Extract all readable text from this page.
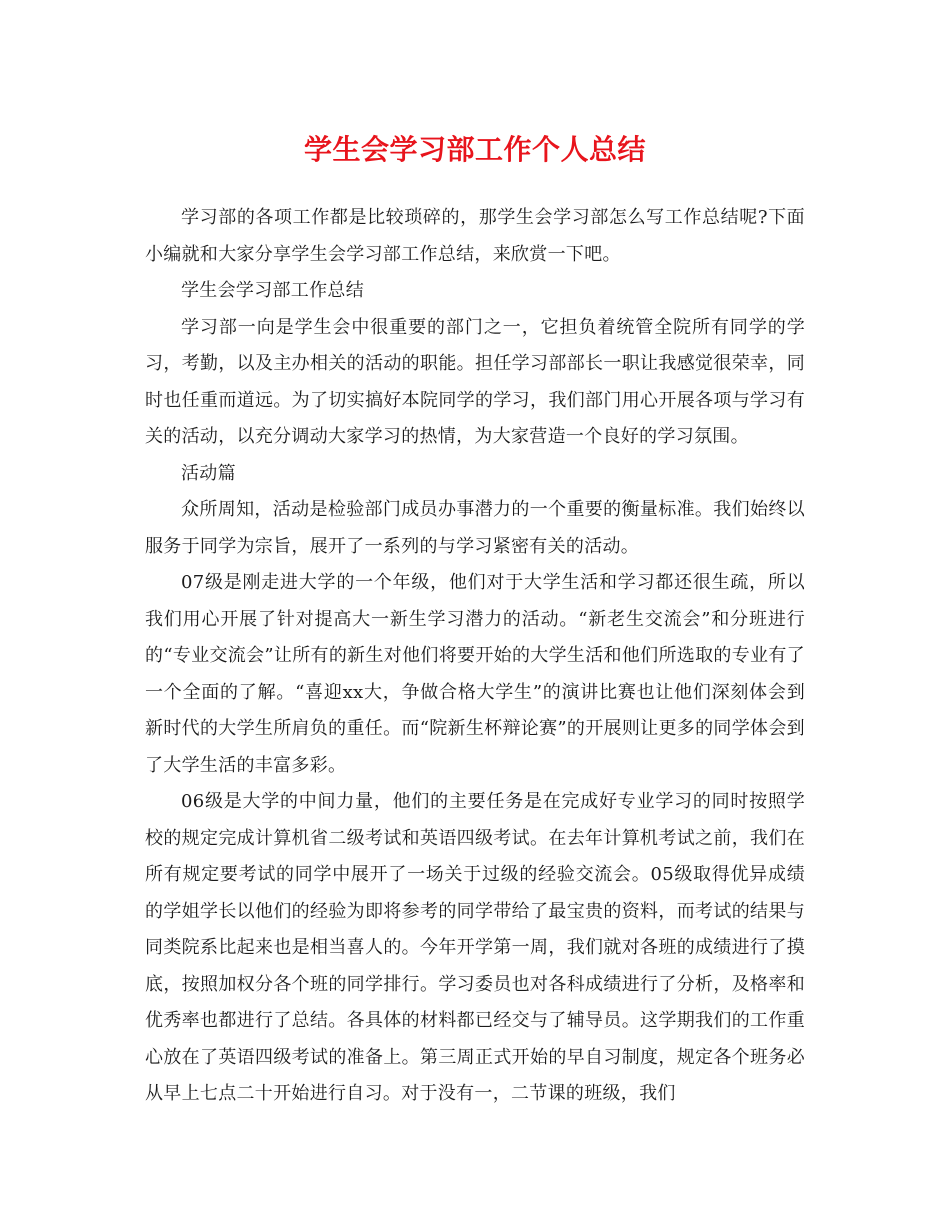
学生会学习部工作个人总结

学习部的各项工作都是比较琐碎的，那学生会学习部怎么写工作总结呢?下面小编就和大家分享学生会学习部工作总结，来欣赏一下吧。

学生会学习部工作总结

学习部一向是学生会中很重要的部门之一，它担负着统管全院所有同学的学习，考勤，以及主办相关的活动的职能。担任学习部部长一职让我感觉很荣幸，同时也任重而道远。为了切实搞好本院同学的学习，我们部门用心开展各项与学习有关的活动，以充分调动大家学习的热情，为大家营造一个良好的学习氛围。

活动篇

众所周知，活动是检验部门成员办事潜力的一个重要的衡量标准。我们始终以服务于同学为宗旨，展开了一系列的与学习紧密有关的活动。

07级是刚走进大学的一个年级，他们对于大学生活和学习都还很生疏，所以我们用心开展了针对提高大一新生学习潜力的活动。“新老生交流会”和分班进行的“专业交流会”让所有的新生对他们将要开始的大学生活和他们所选取的专业有了一个全面的了解。“喜迎xx大，争做合格大学生”的演讲比赛也让他们深刻体会到新时代的大学生所肩负的重任。而“院新生杯辩论赛”的开展则让更多的同学体会到了大学生活的丰富多彩。

06级是大学的中间力量，他们的主要任务是在完成好专业学习的同时按照学校的规定完成计算机省二级考试和英语四级考试。在去年计算机考试之前，我们在所有规定要考试的同学中展开了一场关于过级的经验交流会。05级取得优异成绩的学姐学长以他们的经验为即将参考的同学带给了最宝贵的资料，而考试的结果与同类院系比起来也是相当喜人的。今年开学第一周，我们就对各班的成绩进行了摸底，按照加权分各个班的同学排行。学习委员也对各科成绩进行了分析，及格率和优秀率也都进行了总结。各具体的材料都已经交与了辅导员。这学期我们的工作重心放在了英语四级考试的准备上。第三周正式开始的早自习制度，规定各个班务必从早上七点二十开始进行自习。对于没有一，二节课的班级，我们
